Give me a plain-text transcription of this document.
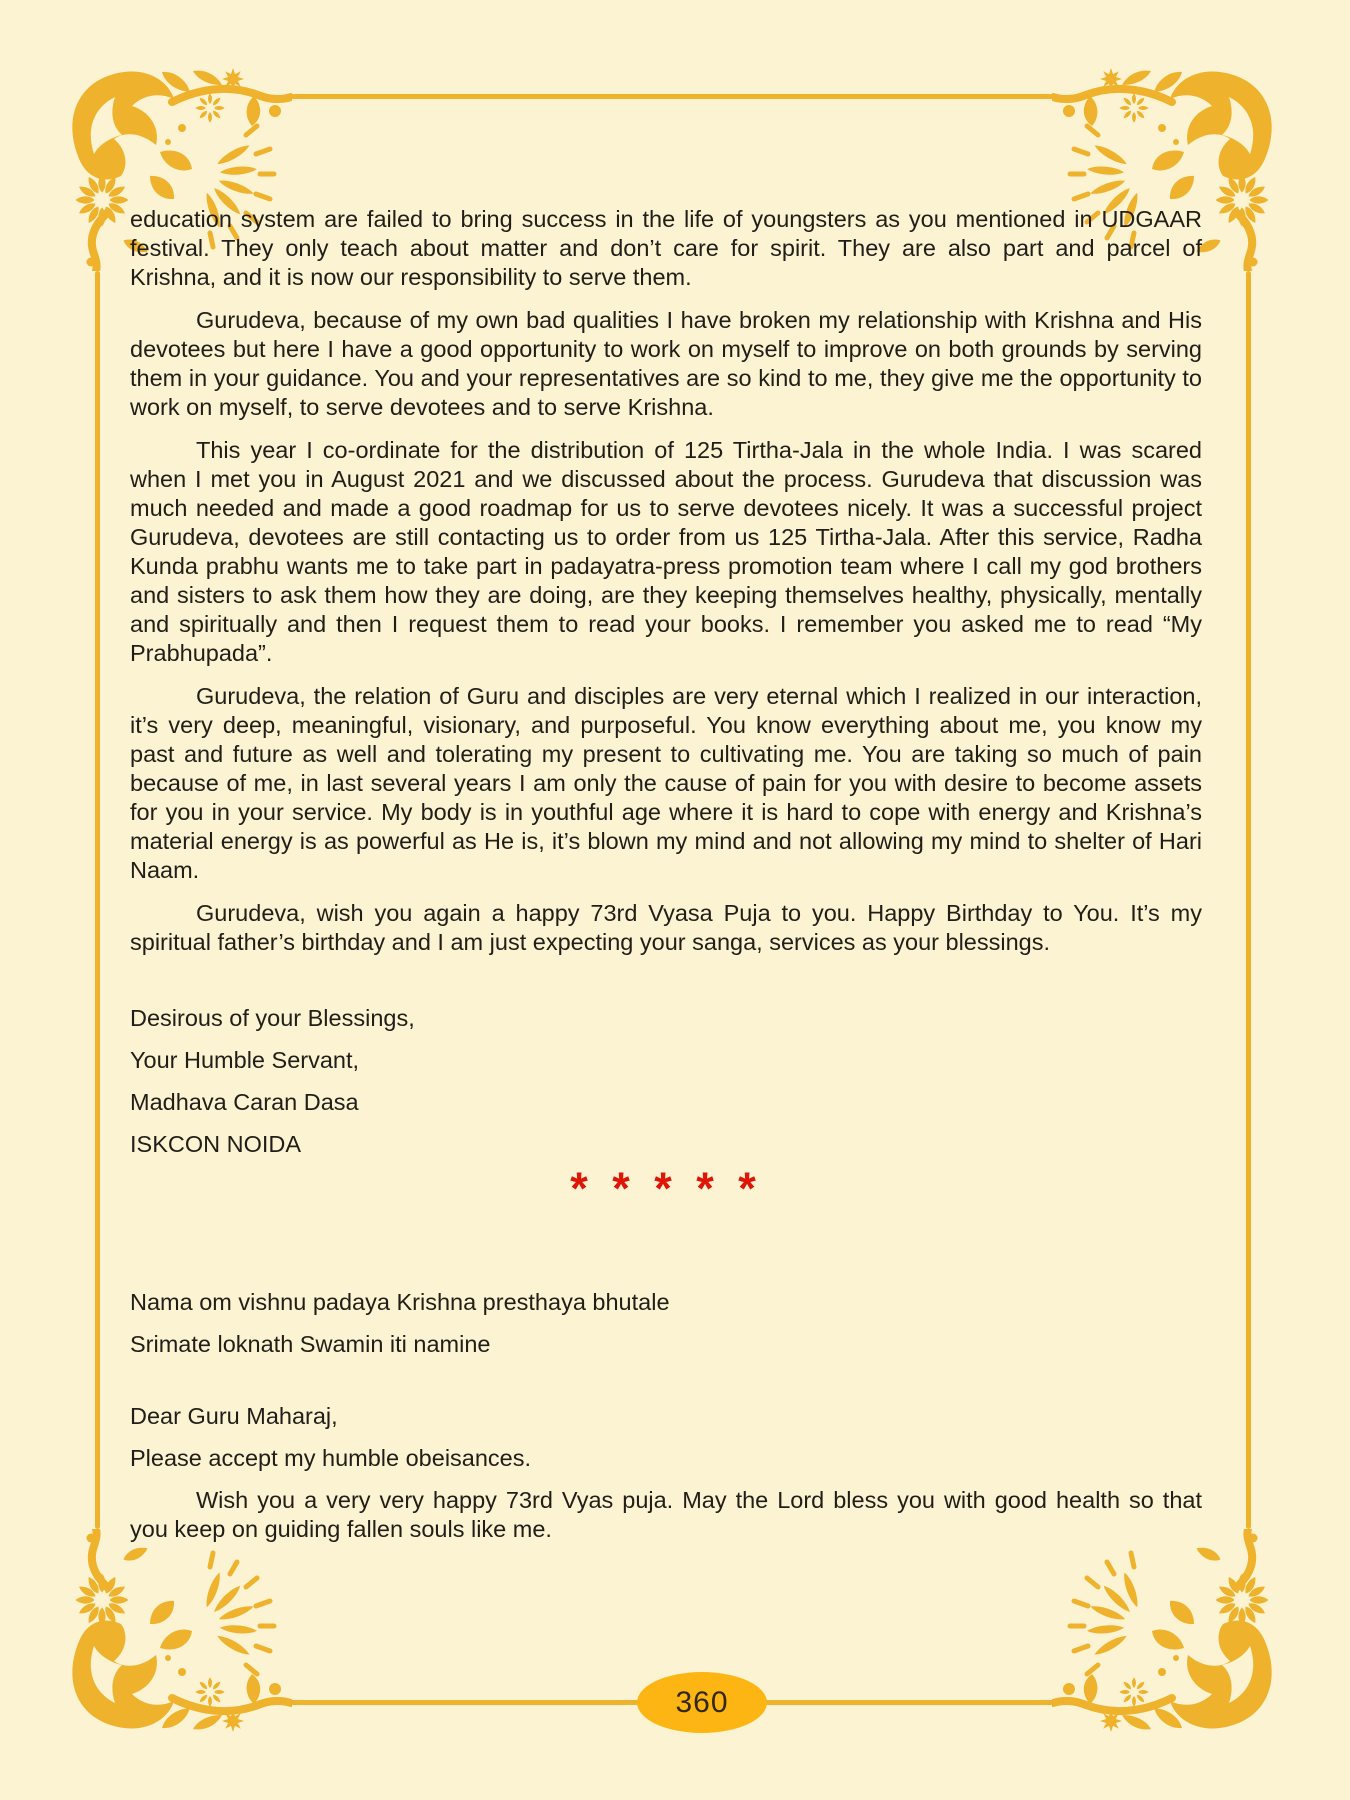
education system are failed to bring success in the life of youngsters as you mentioned in UDGAAR festival. They only teach about matter and don’t care for spirit. They are also part and parcel of Krishna, and it is now our responsibility to serve them.

Gurudeva, because of my own bad qualities I have broken my relationship with Krishna and His devotees but here I have a good opportunity to work on myself to improve on both grounds by serving them in your guidance. You and your representatives are so kind to me, they give me the opportunity to work on myself, to serve devotees and to serve Krishna.

This year I co-ordinate for the distribution of 125 Tirtha-Jala in the whole India. I was scared when I met you in August 2021 and we discussed about the process. Gurudeva that discussion was much needed and made a good roadmap for us to serve devotees nicely. It was a successful project Gurudeva, devotees are still contacting us to order from us 125 Tirtha-Jala. After this service, Radha Kunda prabhu wants me to take part in padayatra-press promotion team where I call my god brothers and sisters to ask them how they are doing, are they keeping themselves healthy, physically, mentally and spiritually and then I request them to read your books. I remember you asked me to read “My Prabhupada”.

Gurudeva, the relation of Guru and disciples are very eternal which I realized in our interaction, it’s very deep, meaningful, visionary, and purposeful. You know everything about me, you know my past and future as well and tolerating my present to cultivating me. You are taking so much of pain because of me, in last several years I am only the cause of pain for you with desire to become assets for you in your service. My body is in youthful age where it is hard to cope with energy and Krishna’s material energy is as powerful as He is, it’s blown my mind and not allowing my mind to shelter of Hari Naam.

Gurudeva, wish you again a happy 73rd Vyasa Puja to you. Happy Birthday to You. It’s my spiritual father’s birthday and I am just expecting your sanga, services as your blessings.

Desirous of your Blessings,

Your Humble Servant,

Madhava Caran Dasa

ISKCON NOIDA

* * * * *

Nama om vishnu padaya Krishna presthaya bhutale

Srimate loknath Swamin iti namine

Dear Guru Maharaj,

Please accept my humble obeisances.

Wish you a very very happy 73rd Vyas puja. May the Lord bless you with good health so that you keep on guiding fallen souls like me.

360
